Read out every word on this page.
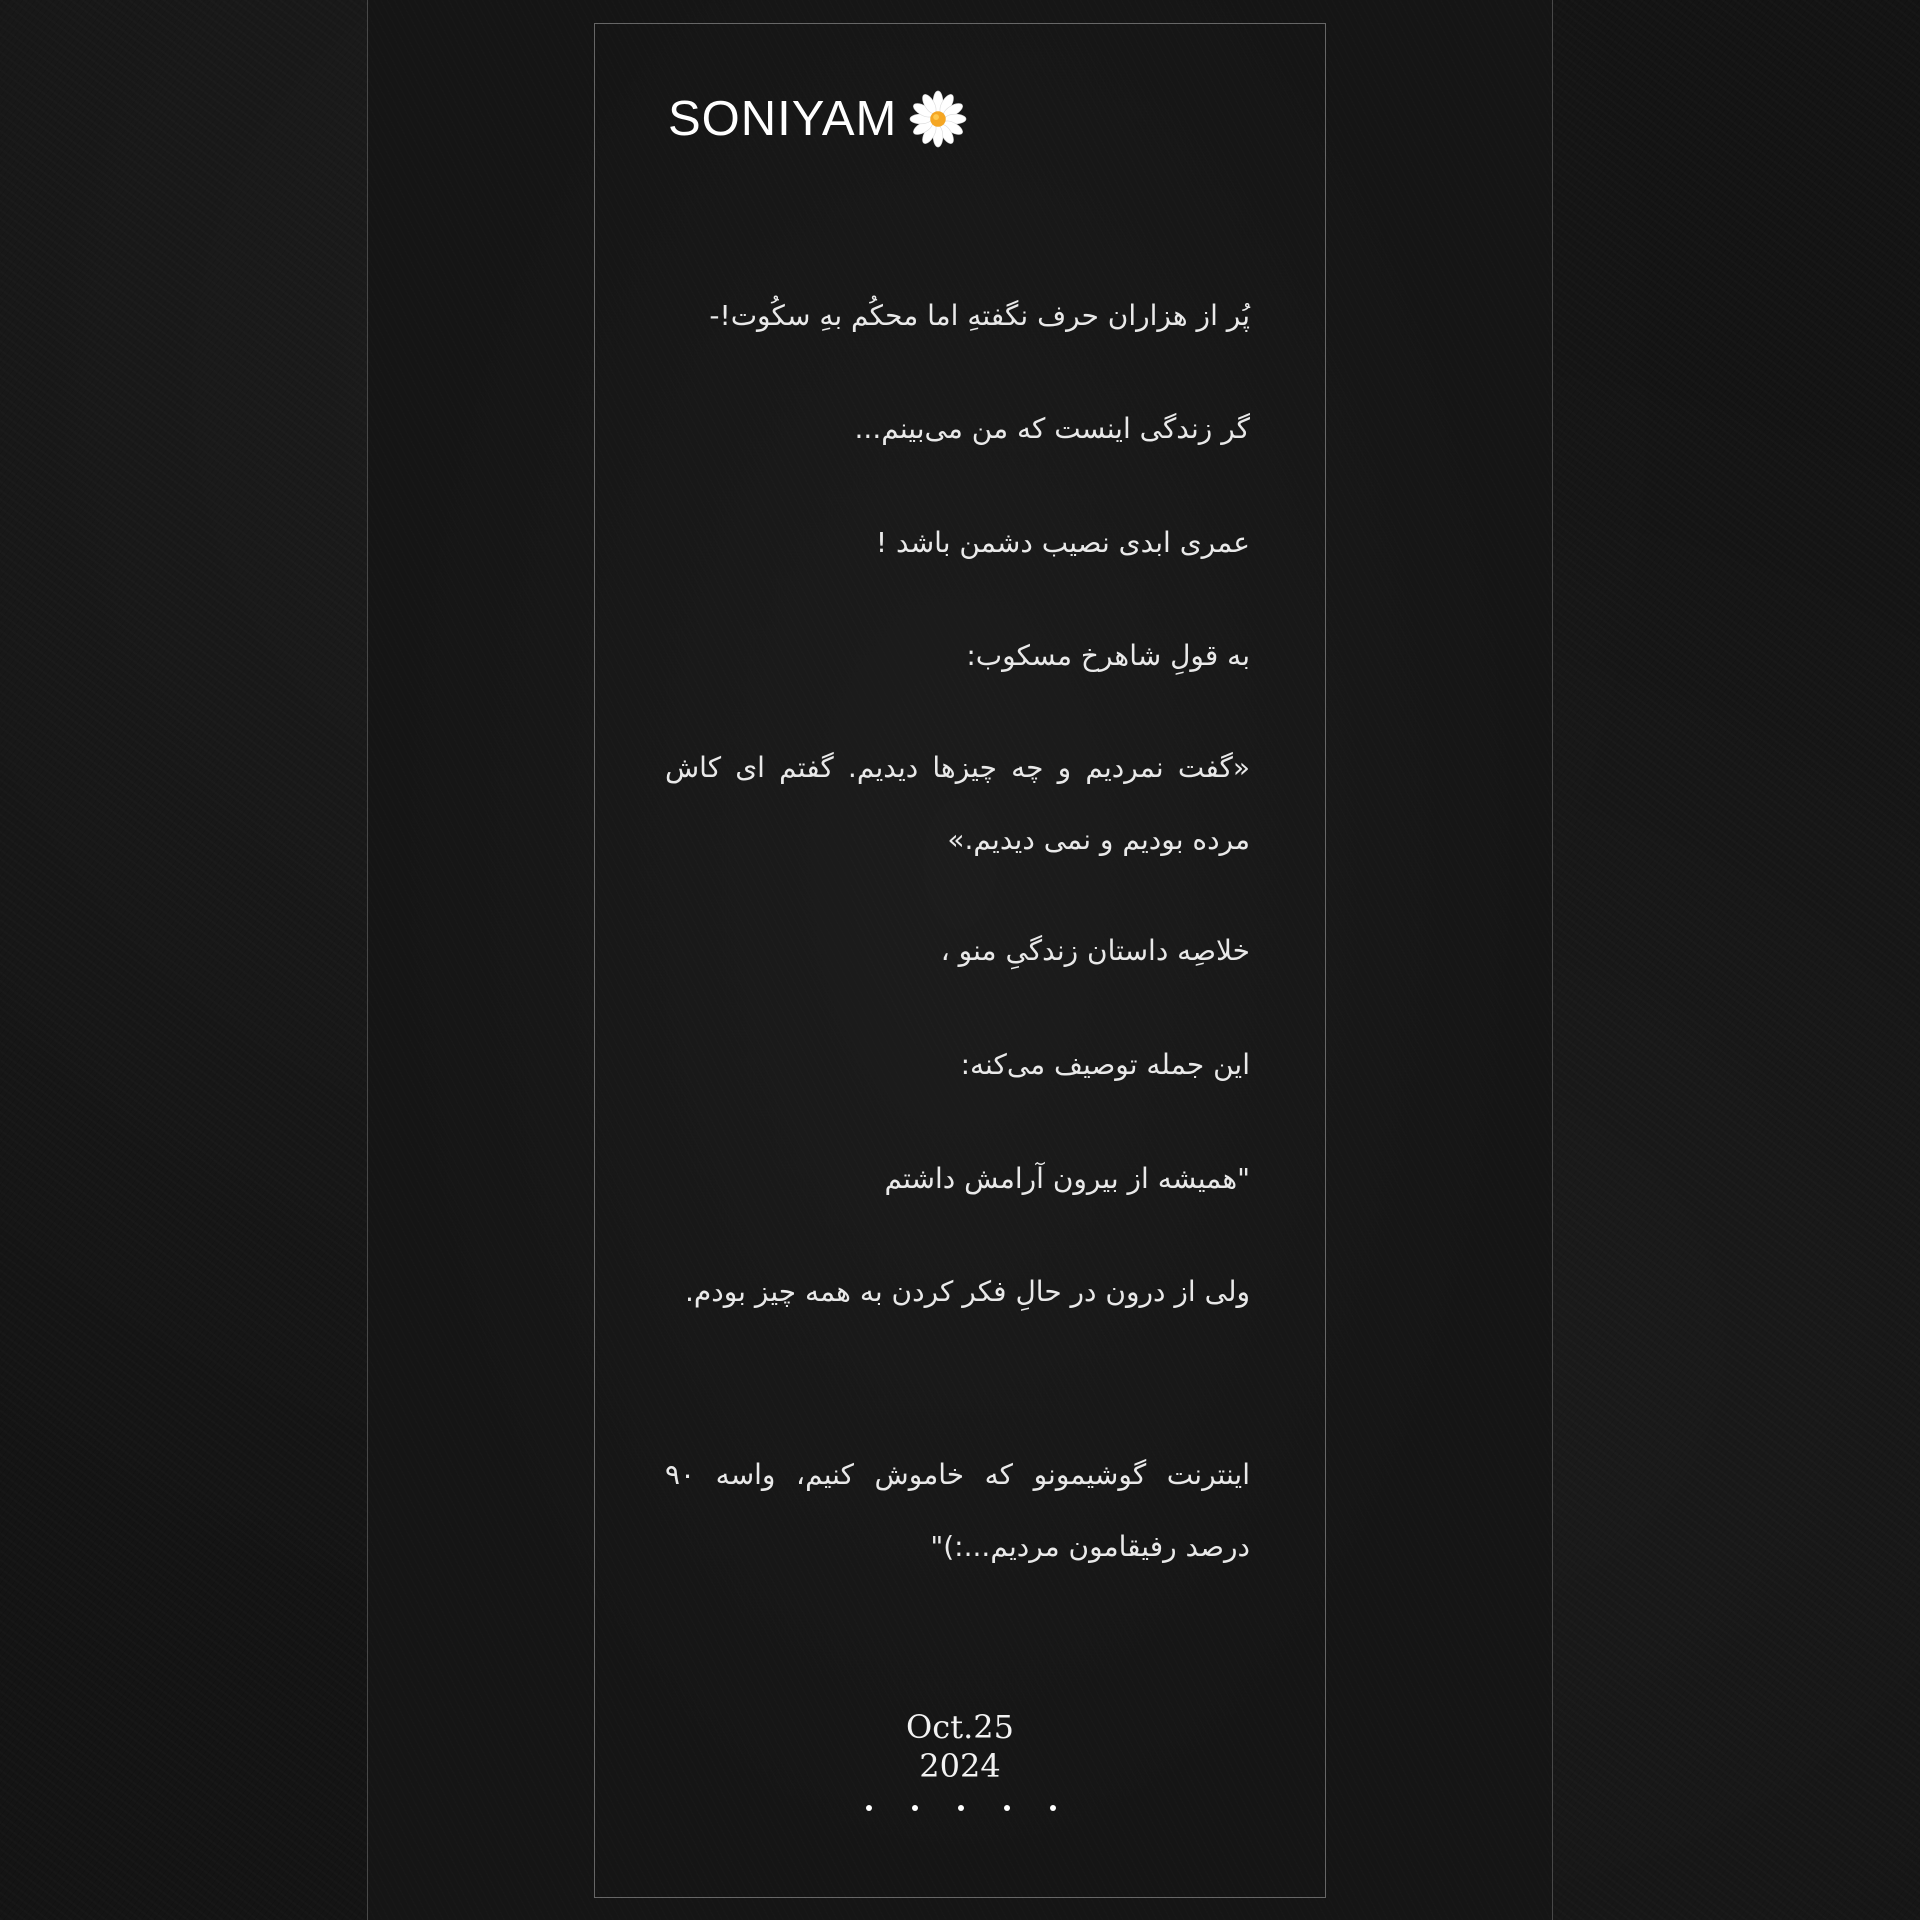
SONIYAM

پُر از هزاران حرف نگفتهِ اما محکُم بهِ سکُوت!-

گر زندگی اینست که من می‌بینم...

عمری ابدی نصیب دشمن باشد !

به قولِ شاهرخ مسکوب:

«گفت نمردیم و چه چیزها دیدیم. گفتم ای کاش مرده بودیم و نمی دیدیم.»

خلاصِه داستان زندگیِ منو ،

این جمله توصیف می‌کنه:

"همیشه از بیرون آرامش داشتم

ولی از درون در حالِ فکر کردن به همه چیز بودم.

اینترنت گوشیمونو که خاموش کنیم، واسه ۹۰ درصد رفیقامون مردیم...:)"

Oct.25
2024
